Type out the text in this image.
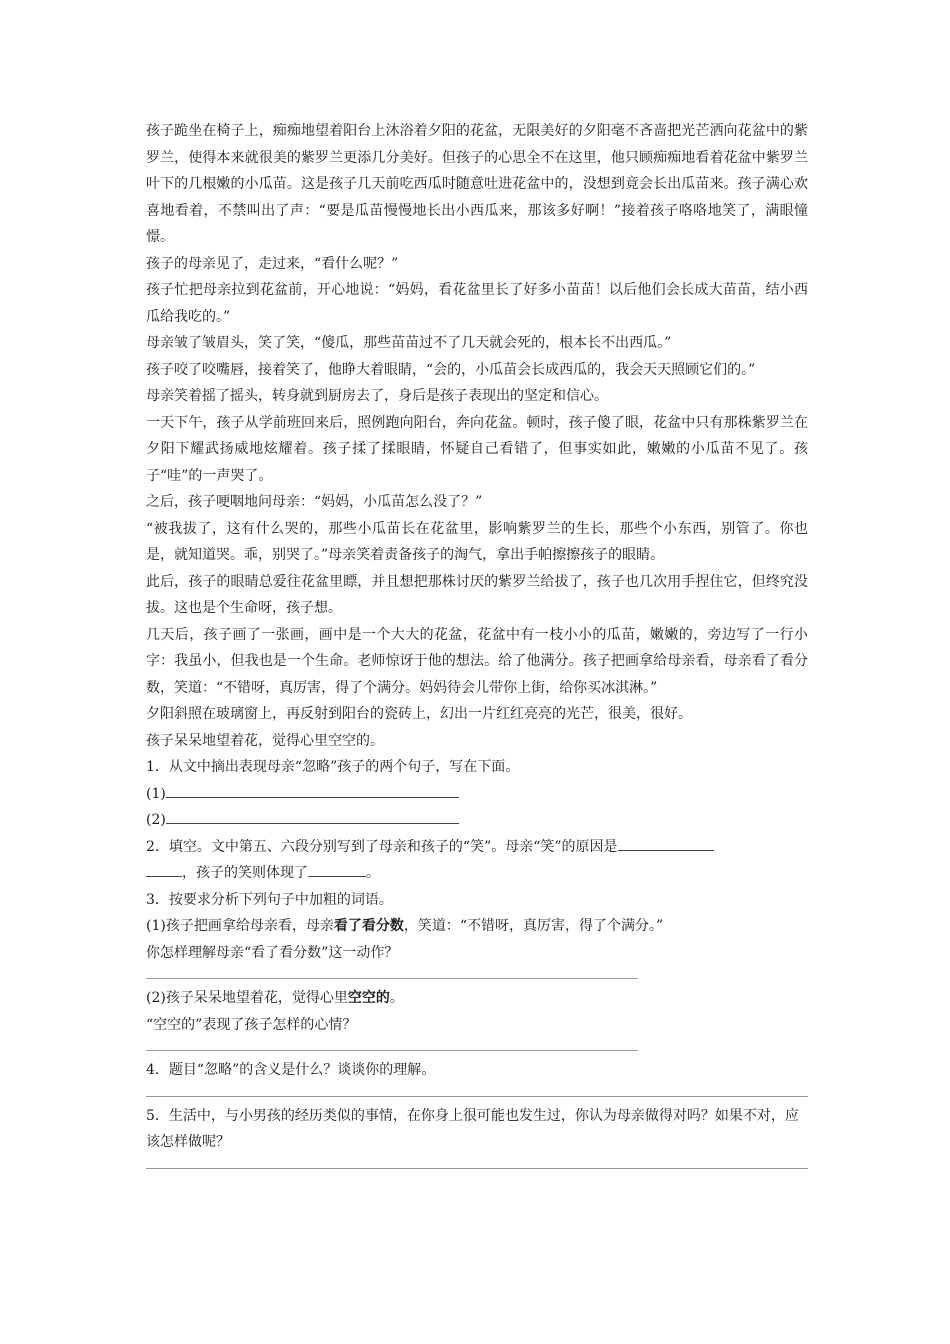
孩子跪坐在椅子上，痴痴地望着阳台上沐浴着夕阳的花盆，无限美好的夕阳毫不吝啬把光芒洒向花盆中的紫罗兰，使得本来就很美的紫罗兰更添几分美好。但孩子的心思全不在这里，他只顾痴痴地看着花盆中紫罗兰叶下的几根嫩的小瓜苗。这是孩子几天前吃西瓜时随意吐进花盆中的，没想到竟会长出瓜苗来。孩子满心欢喜地看着，不禁叫出了声：“要是瓜苗慢慢地长出小西瓜来，那该多好啊！”接着孩子咯咯地笑了，满眼憧憬。

孩子的母亲见了，走过来，“看什么呢？”

孩子忙把母亲拉到花盆前，开心地说：“妈妈，看花盆里长了好多小苗苗！以后他们会长成大苗苗，结小西瓜给我吃的。”

母亲皱了皱眉头，笑了笑，“傻瓜，那些苗苗过不了几天就会死的，根本长不出西瓜。”

孩子咬了咬嘴唇，接着笑了，他睁大着眼睛，“会的，小瓜苗会长成西瓜的，我会天天照顾它们的。”

母亲笑着摇了摇头，转身就到厨房去了，身后是孩子表现出的坚定和信心。

一天下午，孩子从学前班回来后，照例跑向阳台，奔向花盆。顿时，孩子傻了眼，花盆中只有那株紫罗兰在夕阳下耀武扬威地炫耀着。孩子揉了揉眼睛，怀疑自己看错了，但事实如此，嫩嫩的小瓜苗不见了。孩子“哇”的一声哭了。

之后，孩子哽咽地问母亲：“妈妈，小瓜苗怎么没了？”

“被我拔了，这有什么哭的，那些小瓜苗长在花盆里，影响紫罗兰的生长，那些个小东西，别管了。你也是，就知道哭。乖，别哭了。”母亲笑着责备孩子的淘气，拿出手帕擦擦孩子的眼睛。

此后，孩子的眼睛总爱往花盆里瞟，并且想把那株讨厌的紫罗兰给拔了，孩子也几次用手捏住它，但终究没拔。这也是个生命呀，孩子想。

几天后，孩子画了一张画，画中是一个大大的花盆，花盆中有一枝小小的瓜苗，嫩嫩的，旁边写了一行小字：我虽小，但我也是一个生命。老师惊讶于他的想法。给了他满分。孩子把画拿给母亲看，母亲看了看分数，笑道：“不错呀，真厉害，得了个满分。妈妈待会儿带你上街，给你买冰淇淋。”

夕阳斜照在玻璃窗上，再反射到阳台的瓷砖上，幻出一片红红亮亮的光芒，很美，很好。

孩子呆呆地望着花，觉得心里空空的。

1．从文中摘出表现母亲“忽略”孩子的两个句子，写在下面。

(1)

(2)

2．填空。文中第五、六段分别写到了母亲和孩子的“笑”。母亲“笑”的原因是
，孩子的笑则体现了	。

3．按要求分析下列句子中加粗的词语。

(1)孩子把画拿给母亲看，母亲看了看分数，笑道：“不错呀，真厉害，得了个满分。”

你怎样理解母亲“看了看分数”这一动作？

(2)孩子呆呆地望着花，觉得心里空空的。

“空空的”表现了孩子怎样的心情？

4．题目“忽略”的含义是什么？谈谈你的理解。

5．生活中，与小男孩的经历类似的事情，在你身上很可能也发生过，你认为母亲做得对吗？如果不对，应该怎样做呢？
